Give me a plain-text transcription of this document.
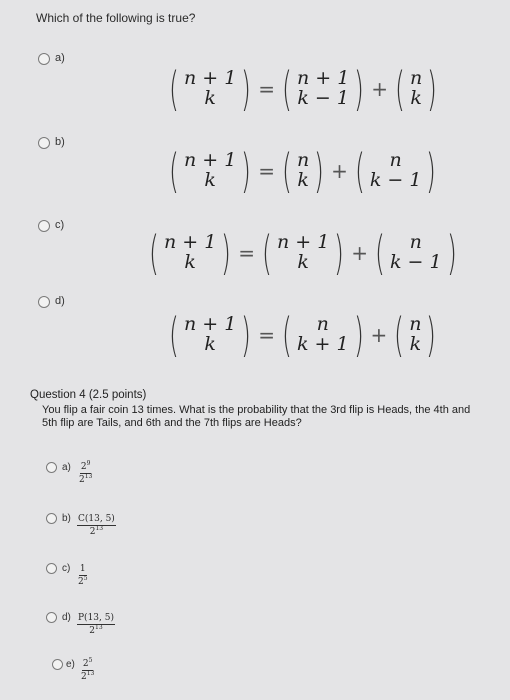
Which of the following is true?
a)
( n + 1
k ) = ( n + 1
k − 1 ) + ( n
k )
b)
( n + 1
k ) = ( n
k ) + ( n
k − 1 )
c)
( n + 1
k ) = ( n + 1
k ) + ( n
k − 1 )
d)
( n + 1
k ) = ( n
k + 1 ) + ( n
k )
Question 4 (2.5 points)
You flip a fair coin 13 times. What is the probability that the 3rd flip is Heads, the 4th and 5th flip are Tails, and 6th and the 7th flips are Heads?
$a) \frac{2^9}{2^{13}}$
$b) \frac{C(13, 5)}{2^{13}}$
$c) \frac{1}{2^5}$
$d) \frac{P(13, 5)}{2^{13}}$
$e) \frac{2^5}{2^{13}}$
